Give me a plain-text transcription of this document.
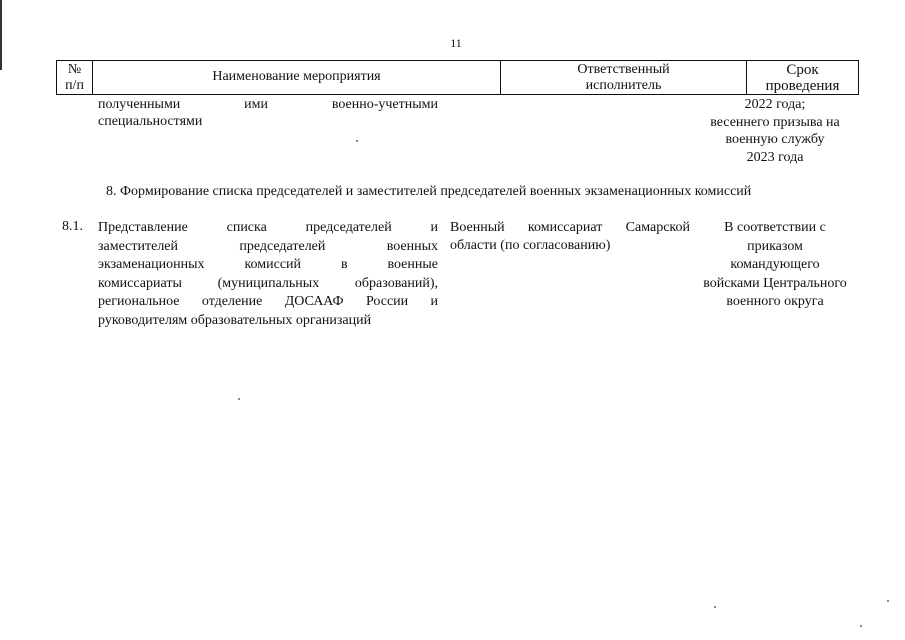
11
№
п/п
Наименование мероприятия	Ответственный
исполнитель
Срок
проведения
полученными ими военно-учетными
специальностями
2022 года;
весеннего призыва на
военную службу
2023 года
8. Формирование списка председателей и заместителей председателей военных экзаменационных комиссий
8.1. Представление списка председателей и
заместителей председателей военных
экзаменационных комиссий в военные
комиссариаты (муниципальных образований),
региональное отделение ДОСААФ России и
руководителям образовательных организаций
Военный комиссариат Самарской
области (по согласованию)
В соответствии с
приказом
командующего
войсками Центрального
военного округа
